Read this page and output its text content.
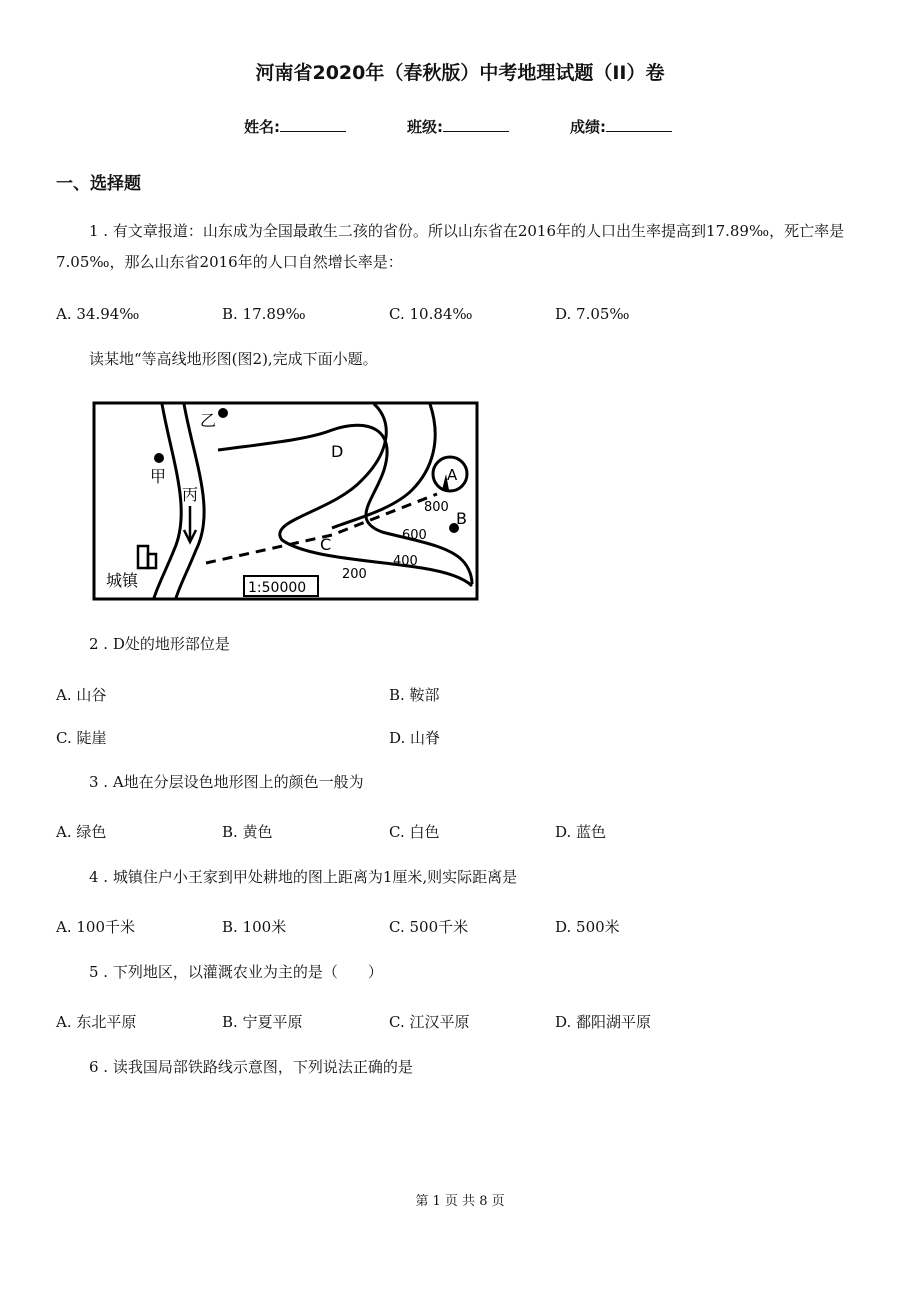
河南省2020年（春秋版）中考地理试题（II）卷
姓名:	班级:	成绩:
一、选择题
1 . 有文章报道：山东成为全国最敢生二孩的省份。所以山东省在2016年的人口出生率提高到17.89‰，死亡率是7.05‰，那么山东省2016年的人口自然增长率是：
A. 34.94‰	B. 17.89‰	C. 10.84‰	D. 7.05‰
读某地“等高线地形图(图2),完成下面小题。
乙
甲
丙
D
A
B
C
城镇	1:50000
800
600
400
200
2 . D处的地形部位是
A. 山谷	B. 鞍部
C. 陡崖	D. 山脊
3 . A地在分层设色地形图上的颜色一般为
A. 绿色	B. 黄色	C. 白色	D. 蓝色
4 . 城镇住户小王家到甲处耕地的图上距离为1厘米,则实际距离是
A. 100千米	B. 100米	C. 500千米	D. 500米
5 . 下列地区，以灌溉农业为主的是（　　）
A. 东北平原	B. 宁夏平原	C. 江汉平原	D. 鄱阳湖平原
6 . 读我国局部铁路线示意图，下列说法正确的是
第 1 页 共 8 页
